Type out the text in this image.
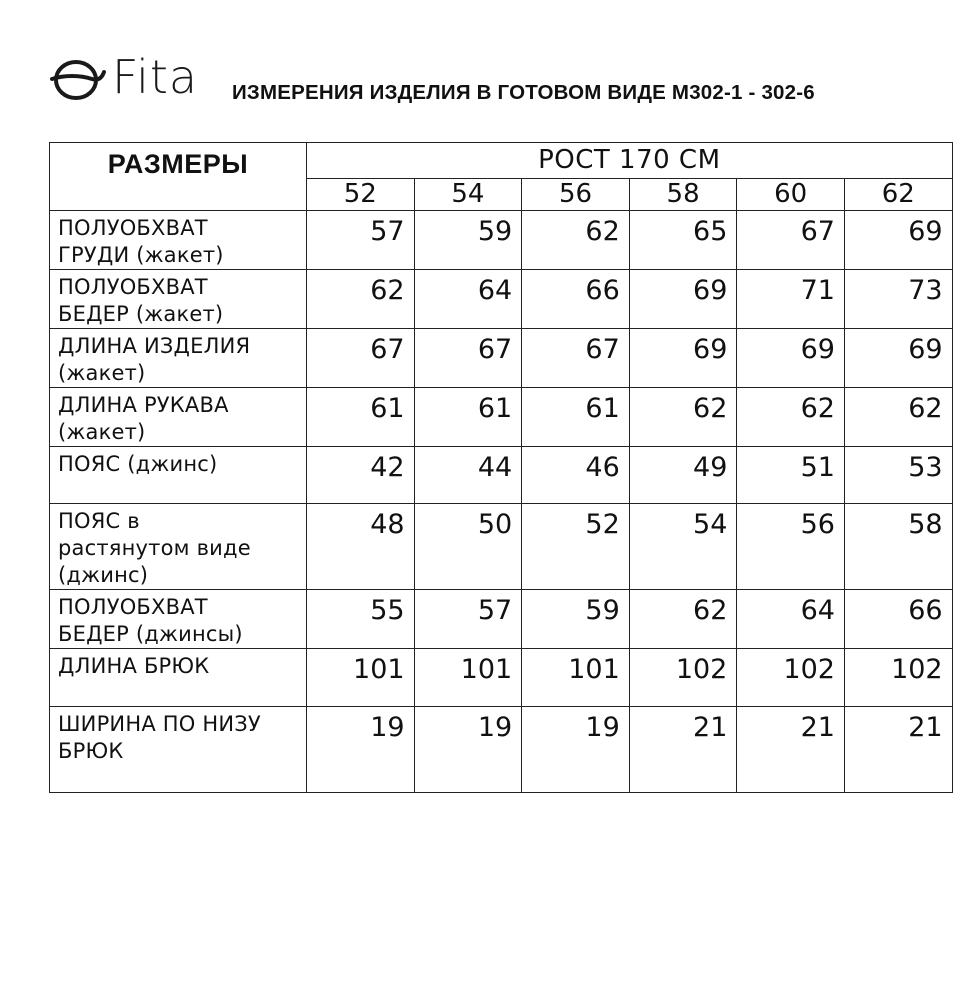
Fita ИЗМЕРЕНИЯ ИЗДЕЛИЯ В ГОТОВОМ ВИДЕ М302-1 - 302-6
РАЗМЕРЫ	РОСТ 170 СМ					
	52	54	56	58	60	62

ПОЛУОБХВАТ
ГРУДИ (жакет)	57	59	62	65	67	69

ПОЛУОБХВАТ
БЕДЕР (жакет)	62	64	66	69	71	73

ДЛИНА ИЗДЕЛИЯ
(жакет)	67	67	67	69	69	69

ДЛИНА РУКАВА
(жакет)	61	61	61	62	62	62

ПОЯС (джинс)	42	44	46	49	51	53

ПОЯС в
растянутом виде
(джинс)	48	50	52	54	56	58

ПОЛУОБХВАТ
БЕДЕР (джинсы)	55	57	59	62	64	66

ДЛИНА БРЮК	101	101	101	102	102	102

ШИРИНА ПО НИЗУ
БРЮК	19	19	19	21	21	21
